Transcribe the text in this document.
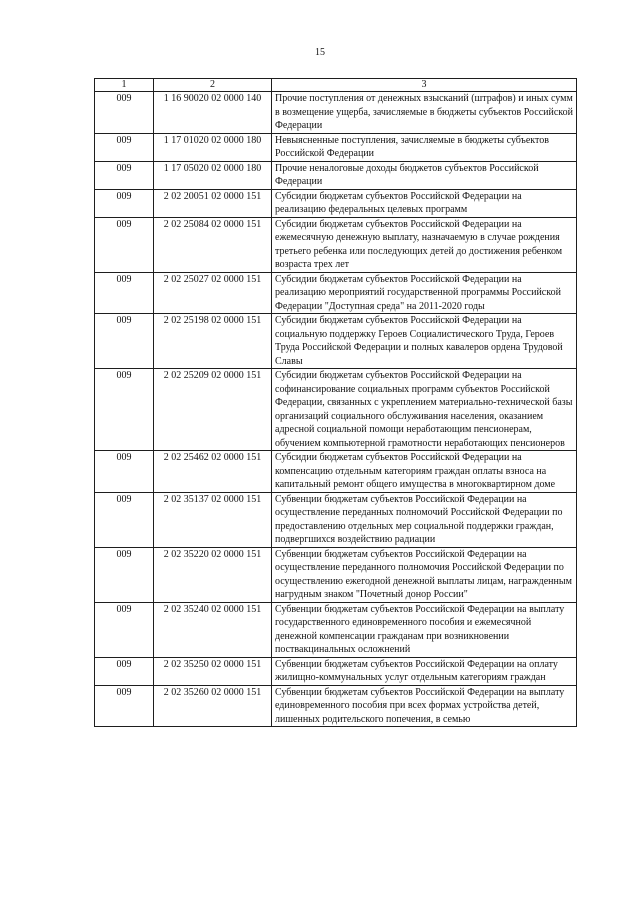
15
1	2	3
009	1 16 90020 02 0000 140	Прочие поступления от денежных взысканий (штрафов) и иных сумм в возмещение ущерба, зачисляемые в бюджеты субъектов Российской Федерации
009	1 17 01020 02 0000 180	Невыясненные поступления, зачисляемые в бюджеты субъектов Российской Федерации
009	1 17 05020 02 0000 180	Прочие неналоговые доходы бюджетов субъектов Российской Федерации
009	2 02 20051 02 0000 151	Субсидии бюджетам субъектов Российской Федерации на реализацию федеральных целевых программ
009	2 02 25084 02 0000 151	Субсидии бюджетам субъектов Российской Федерации на ежемесячную денежную выплату, назначаемую в случае рождения третьего ребенка или последующих детей до достижения ребенком возраста трех лет
009	2 02 25027 02 0000 151	Субсидии бюджетам субъектов Российской Федерации на реализацию мероприятий государственной программы Российской Федерации "Доступная среда" на 2011-2020 годы
009	2 02 25198 02 0000 151	Субсидии бюджетам субъектов Российской Федерации на социальную поддержку Героев Социалистического Труда, Героев Труда Российской Федерации и полных кавалеров ордена Трудовой Славы
009	2 02 25209 02 0000 151	Субсидии бюджетам субъектов Российской Федерации на софинансирование социальных программ субъектов Российской Федерации, связанных с укреплением материально-технической базы организаций социального обслуживания населения, оказанием адресной социальной помощи неработающим пенсионерам, обучением компьютерной грамотности неработающих пенсионеров
009	2 02 25462 02 0000 151	Субсидии бюджетам субъектов Российской Федерации на компенсацию отдельным категориям граждан оплаты взноса на капитальный ремонт общего имущества в многоквартирном доме
009	2 02 35137 02 0000 151	Субвенции бюджетам субъектов Российской Федерации на осуществление переданных полномочий Российской Федерации по предоставлению отдельных мер социальной поддержки граждан, подвергшихся воздействию радиации
009	2 02 35220 02 0000 151	Субвенции бюджетам субъектов Российской Федерации на осуществление переданного полномочия Российской Федерации по осуществлению ежегодной денежной выплаты лицам, награжденным нагрудным знаком "Почетный донор России"
009	2 02 35240 02 0000 151	Субвенции бюджетам субъектов Российской Федерации на выплату государственного единовременного пособия и ежемесячной денежной компенсации гражданам при возникновении поствакцинальных осложнений
009	2 02 35250 02 0000 151	Субвенции бюджетам субъектов Российской Федерации на оплату жилищно-коммунальных услуг отдельным категориям граждан
009	2 02 35260 02 0000 151	Субвенции бюджетам субъектов Российской Федерации на выплату единовременного пособия при всех формах устройства детей, лишенных родительского попечения, в семью
